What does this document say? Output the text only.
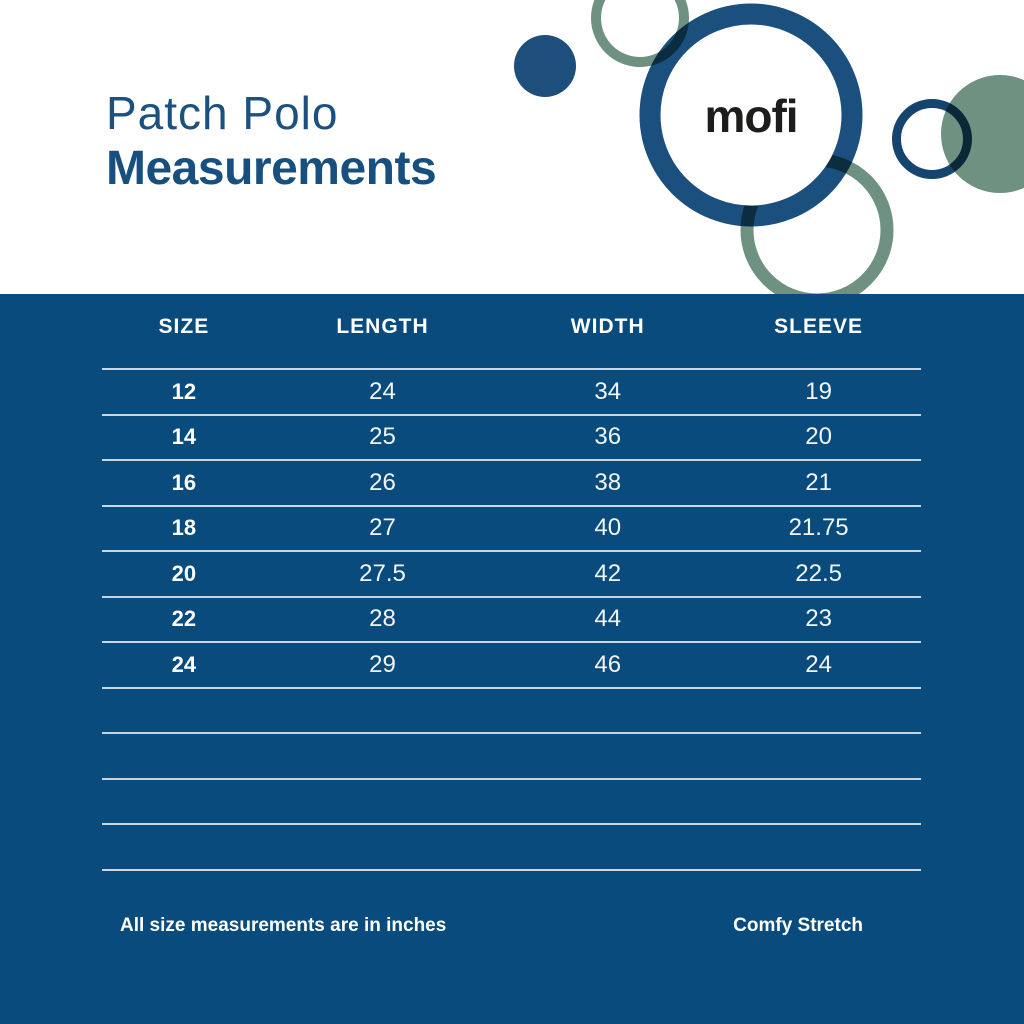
mofi
Patch Polo
Measurements
SIZE	LENGTH	WIDTH	SLEEVE
12	24	34	19
14	25	36	20
16	26	38	21
18	27	40	21.75
20	27.5	42	22.5
22	28	44	23
24	29	46	24
All size measurements are in inches	Comfy Stretch
